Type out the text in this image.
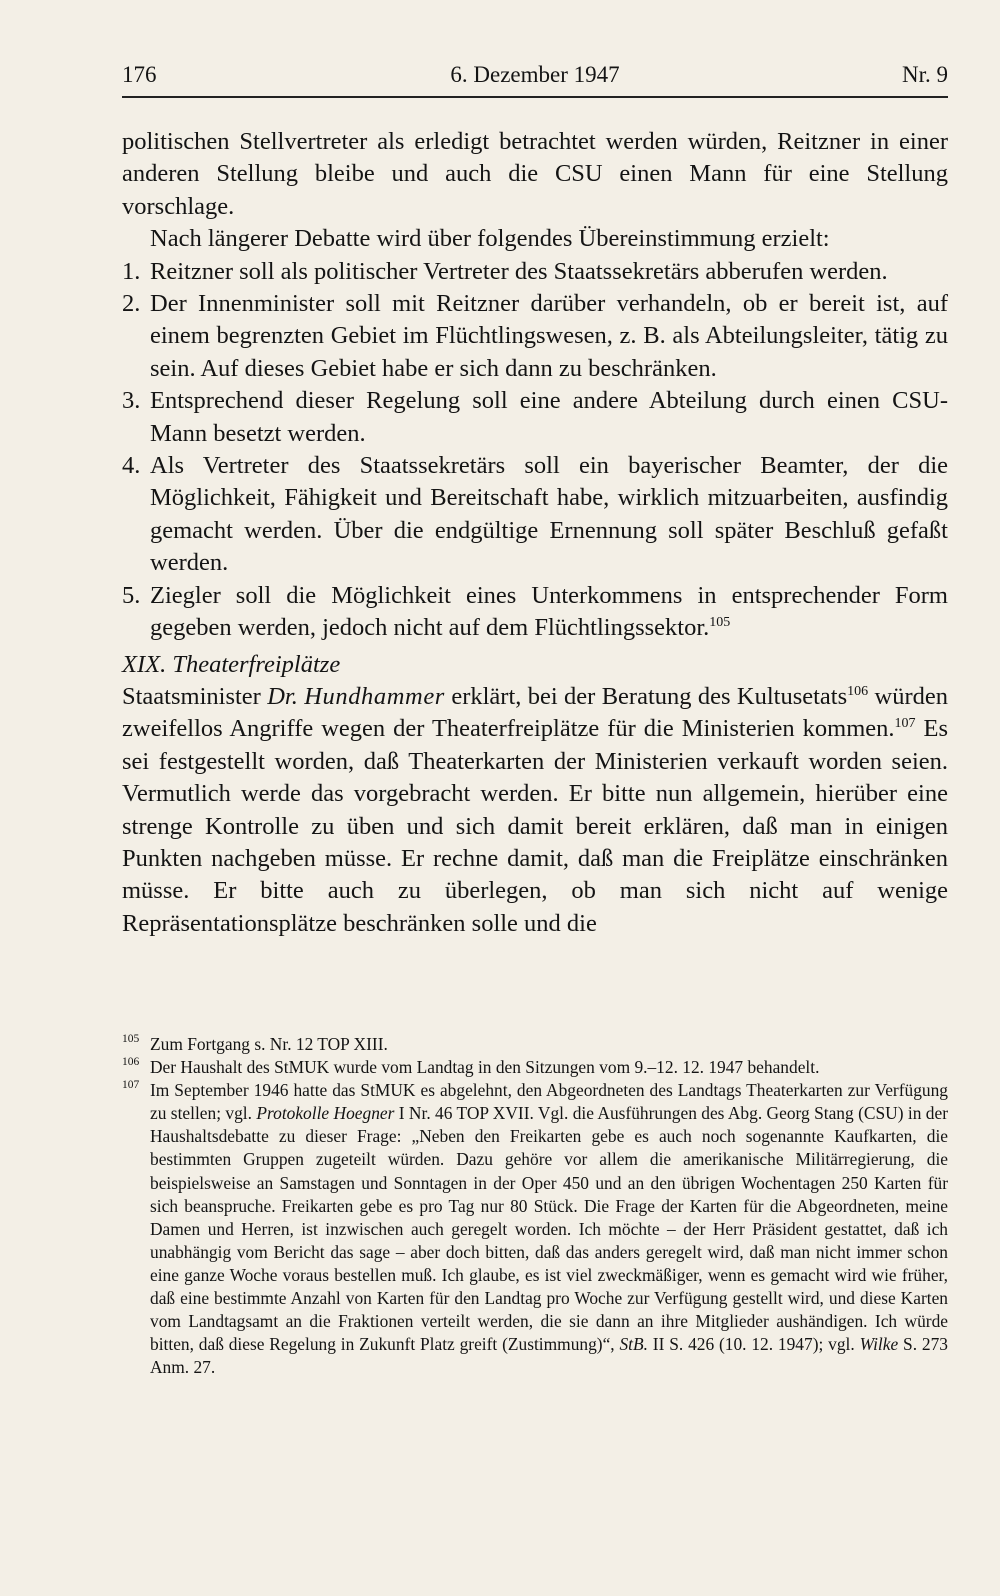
176	6. Dezember 1947	Nr. 9

politischen Stellvertreter als erledigt betrachtet werden würden, Reitzner in einer anderen Stellung bleibe und auch die CSU einen Mann für eine Stellung vorschlage.

Nach längerer Debatte wird über folgendes Übereinstimmung erzielt:

1. Reitzner soll als politischer Vertreter des Staatssekretärs abberufen werden.

2. Der Innenminister soll mit Reitzner darüber verhandeln, ob er bereit ist, auf einem begrenzten Gebiet im Flüchtlingswesen, z. B. als Abteilungsleiter, tätig zu sein. Auf dieses Gebiet habe er sich dann zu beschränken.

3. Entsprechend dieser Regelung soll eine andere Abteilung durch einen CSU-Mann besetzt werden.

4. Als Vertreter des Staatssekretärs soll ein bayerischer Beamter, der die Möglichkeit, Fähigkeit und Bereitschaft habe, wirklich mitzuarbeiten, ausfindig gemacht werden. Über die endgültige Ernennung soll später Beschluß gefaßt werden.

5. Ziegler soll die Möglichkeit eines Unterkommens in entsprechender Form gegeben werden, jedoch nicht auf dem Flüchtlingssektor.$^{105}$

XIX. Theaterfreiplätze

Staatsminister Dr. Hundhammer erklärt, bei der Beratung des Kultusetats$^{106}$ würden zweifellos Angriffe wegen der Theaterfreiplätze für die Ministerien kommen.$^{107}$ Es sei festgestellt worden, daß Theaterkarten der Ministerien verkauft worden seien. Vermutlich werde das vorgebracht werden. Er bitte nun allgemein, hierüber eine strenge Kontrolle zu üben und sich damit bereit erklären, daß man in einigen Punkten nachgeben müsse. Er rechne damit, daß man die Freiplätze einschränken müsse. Er bitte auch zu überlegen, ob man sich nicht auf wenige Repräsentationsplätze beschränken solle und die

105 Zum Fortgang s. Nr. 12 TOP XIII.

106 Der Haushalt des StMUK wurde vom Landtag in den Sitzungen vom 9.–12. 12. 1947 behandelt.

107 Im September 1946 hatte das StMUK es abgelehnt, den Abgeordneten des Landtags Theaterkarten zur Verfügung zu stellen; vgl. Protokolle Hoegner I Nr. 46 TOP XVII. Vgl. die Ausführungen des Abg. Georg Stang (CSU) in der Haushaltsdebatte zu dieser Frage: „Neben den Freikarten gebe es auch noch sogenannte Kaufkarten, die bestimmten Gruppen zugeteilt würden. Dazu gehöre vor allem die amerikanische Militärregierung, die beispielsweise an Samstagen und Sonntagen in der Oper 450 und an den übrigen Wochentagen 250 Karten für sich beanspruche. Freikarten gebe es pro Tag nur 80 Stück. Die Frage der Karten für die Abgeordneten, meine Damen und Herren, ist inzwischen auch geregelt worden. Ich möchte – der Herr Präsident gestattet, daß ich unabhängig vom Bericht das sage – aber doch bitten, daß das anders geregelt wird, daß man nicht immer schon eine ganze Woche voraus bestellen muß. Ich glaube, es ist viel zweckmäßiger, wenn es gemacht wird wie früher, daß eine bestimmte Anzahl von Karten für den Landtag pro Woche zur Verfügung gestellt wird, und diese Karten vom Landtagsamt an die Fraktionen verteilt werden, die sie dann an ihre Mitglieder aushändigen. Ich würde bitten, daß diese Regelung in Zukunft Platz greift (Zustimmung)“, StB. II S. 426 (10. 12. 1947); vgl. Wilke S. 273 Anm. 27.
